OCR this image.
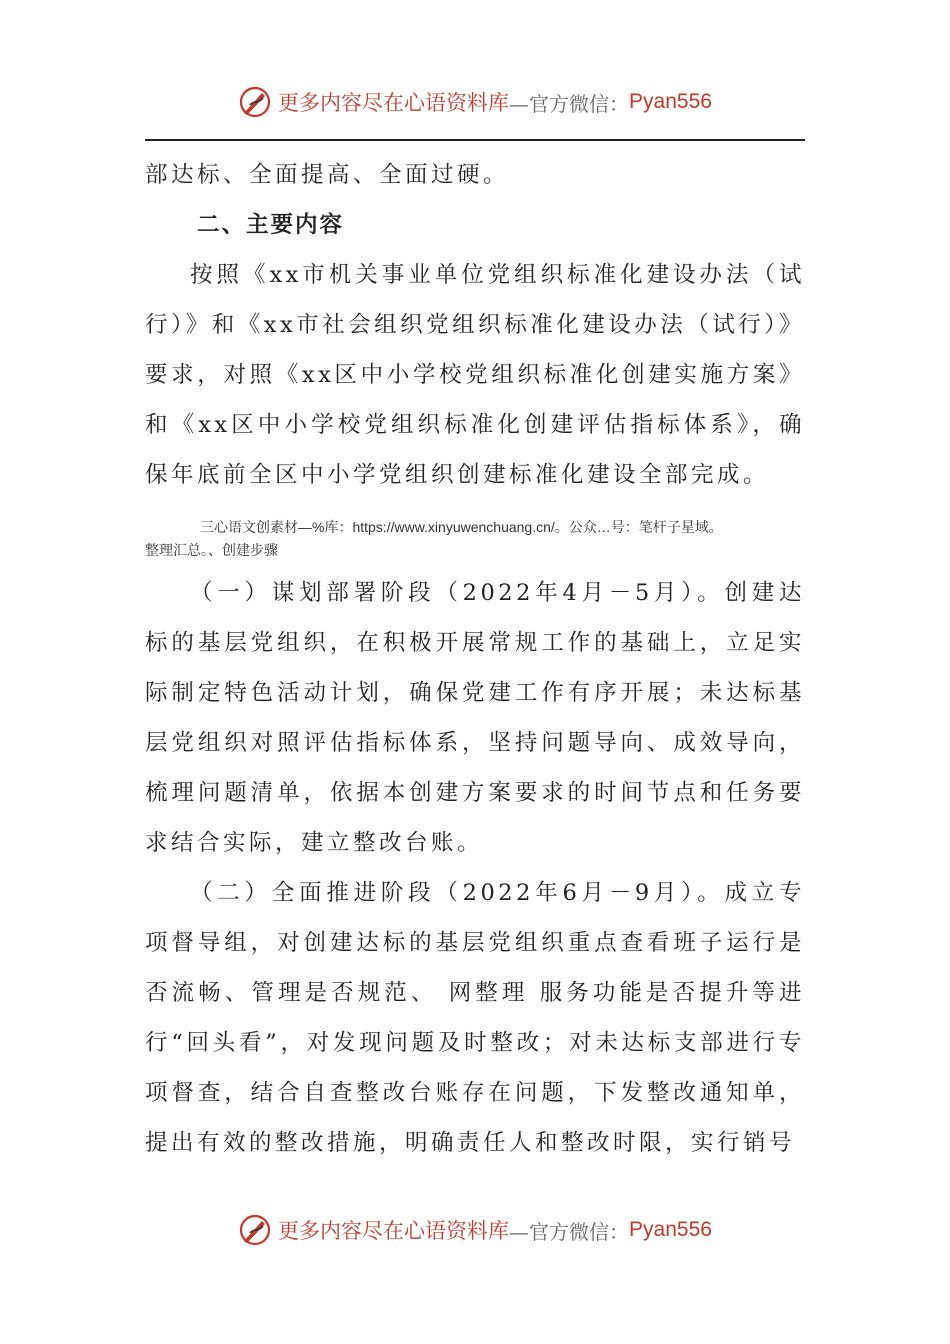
更多内容尽在心语资料库 —官方微信： Pyan556

部达标、全面提高、全面过硬。

二、主要内容

按照《xx市机关事业单位党组织标准化建设办法（试行）》和《xx市社会组织党组织标准化建设办法（试行）》要求，对照《xx区中小学校党组织标准化创建实施方案》和《xx区中小学校党组织标准化创建评估指标体系》，确保年底前全区中小学党组织创建标准化建设全部完成。

三心语文创素材—%库：https://www.xinyuwenchuang.cn/。公众…号：笔杆子星域。
整理汇总。、创建步骤

（一）谋划部署阶段（2022年4月－5月）。创建达标的基层党组织，在积极开展常规工作的基础上，立足实际制定特色活动计划，确保党建工作有序开展；未达标基层党组织对照评估指标体系，坚持问题导向、成效导向，梳理问题清单，依据本创建方案要求的时间节点和任务要求结合实际，建立整改台账。

（二）全面推进阶段（2022年6月－9月）。成立专项督导组，对创建达标的基层党组织重点查看班子运行是否流畅、管理是否规范、 网整理 服务功能是否提升等进行“回头看”，对发现问题及时整改；对未达标支部进行专项督查，结合自查整改台账存在问题，下发整改通知单，提出有效的整改措施，明确责任人和整改时限，实行销号

更多内容尽在心语资料库 —官方微信： Pyan556
